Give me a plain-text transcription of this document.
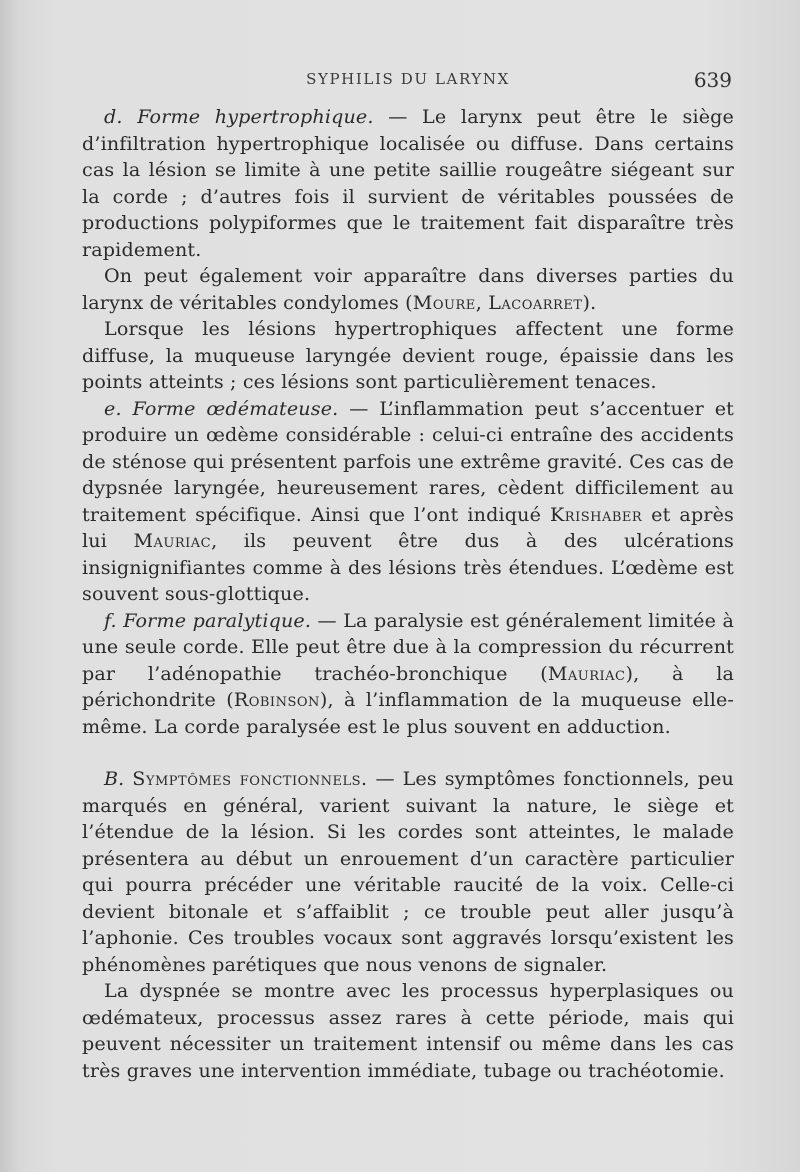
SYPHILIS DU LARYNX	639

d. Forme hypertrophique. — Le larynx peut être le siège d’infiltration hypertrophique localisée ou diffuse. Dans certains cas la lésion se limite à une petite saillie rougeâtre siégeant sur la corde ; d’autres fois il survient de véritables poussées de productions polypiformes que le traitement fait disparaître très rapidement.

On peut également voir apparaître dans diverses parties du larynx de véritables condylomes (Moure, Lacoarret).

Lorsque les lésions hypertrophiques affectent une forme diffuse, la muqueuse laryngée devient rouge, épaissie dans les points atteints ; ces lésions sont particulièrement tenaces.

e. Forme œdémateuse. — L’inflammation peut s’accentuer et produire un œdème considérable : celui-ci entraîne des accidents de sténose qui présentent parfois une extrême gravité. Ces cas de dypsnée laryngée, heureusement rares, cèdent difficilement au traitement spécifique. Ainsi que l’ont indiqué Krishaber et après lui Mauriac, ils peuvent être dus à des ulcérations insignignifiantes comme à des lésions très étendues. L’œdème est souvent sous-glottique.

f. Forme paralytique. — La paralysie est généralement limitée à une seule corde. Elle peut être due à la compression du récurrent par l’adénopathie trachéo-bronchique (Mauriac), à la périchondrite (Robinson), à l’inflammation de la muqueuse elle-même. La corde paralysée est le plus souvent en adduction.

B. Symptômes fonctionnels. — Les symptômes fonctionnels, peu marqués en général, varient suivant la nature, le siège et l’étendue de la lésion. Si les cordes sont atteintes, le malade présentera au début un enrouement d’un caractère particulier qui pourra précéder une véritable raucité de la voix. Celle-ci devient bitonale et s’affaiblit ; ce trouble peut aller jusqu’à l’aphonie. Ces troubles vocaux sont aggravés lorsqu’existent les phénomènes parétiques que nous venons de signaler.

La dyspnée se montre avec les processus hyperplasiques ou œdémateux, processus assez rares à cette période, mais qui peuvent nécessiter un traitement intensif ou même dans les cas très graves une intervention immédiate, tubage ou trachéotomie.
